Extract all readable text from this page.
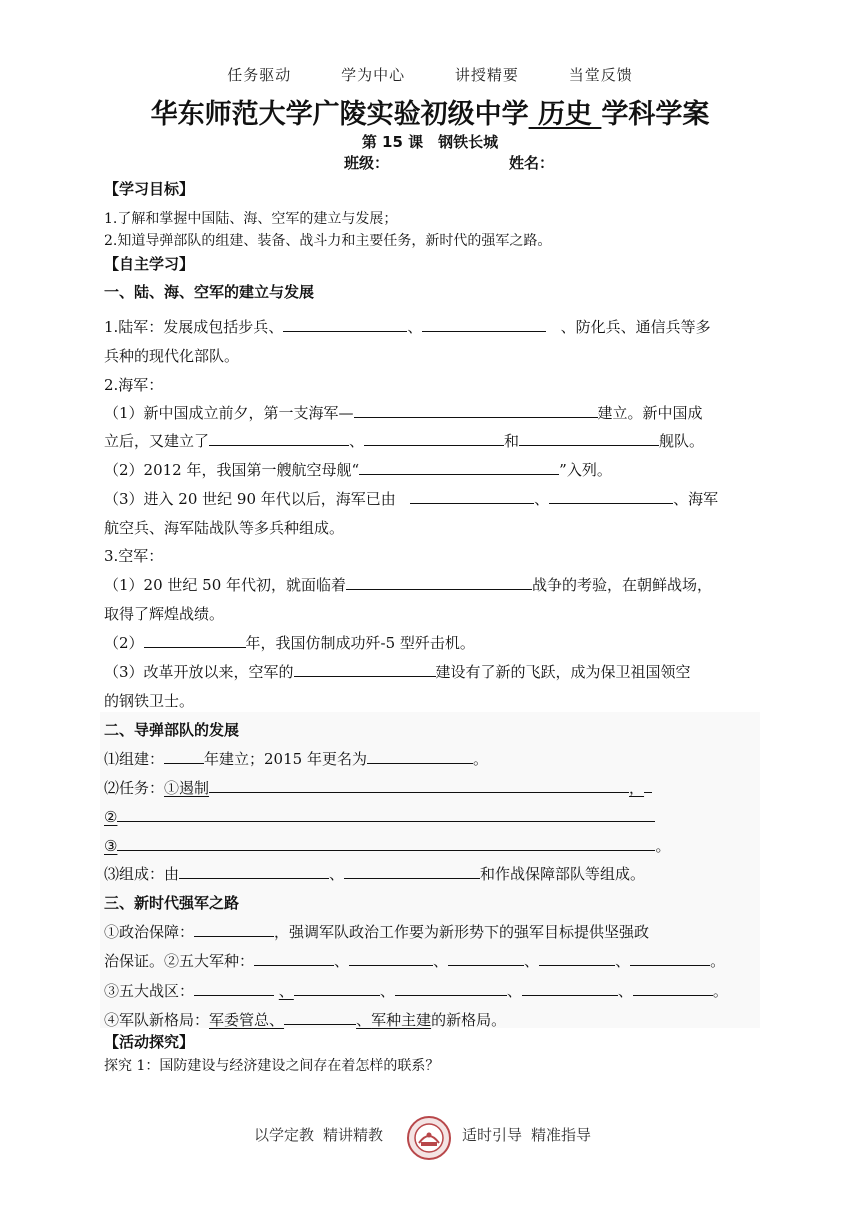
任务驱动	学为中心	讲授精要	当堂反馈
华东师范大学广陵实验初级中学 历史 学科学案
第 15 课　钢铁长城
班级：	姓名：
【学习目标】
1.了解和掌握中国陆、海、空军的建立与发展；
2.知道导弹部队的组建、装备、战斗力和主要任务，新时代的强军之路。
【自主学习】
一、陆、海、空军的建立与发展
1.陆军：发展成包括步兵、	、	、防化兵、通信兵等多
兵种的现代化部队。
2.海军：
（1）新中国成立前夕，第一支海军—	建立。新中国成
立后，又建立了	、	和	舰队。
（2）2012 年，我国第一艘航空母舰“	”入列。
（3）进入 20 世纪 90 年代以后，海军已由	、	、海军
航空兵、海军陆战队等多兵种组成。
3.空军：
（1）20 世纪 50 年代初，就面临着	战争的考验，在朝鲜战场，
取得了辉煌战绩。
（2）	年，我国仿制成功歼-5 型歼击机。
（3）改革开放以来，空军的	建设有了新的飞跃，成为保卫祖国领空
的钢铁卫士。
二、导弹部队的发展
⑴组建：	年建立；2015 年更名为	。
⑵任务：①遏制	，
②
③	。
⑶组成：由	、	和作战保障部队等组成。
三、新时代强军之路
①政治保障：	，强调军队政治工作要为新形势下的强军目标提供坚强政
治保证。②五大军种：	、	、	、	、	。
③五大战区：	、	、	、	、	。
④军队新格局：军委管总、	、军种主建的新格局。
【活动探究】
探究 1：国防建设与经济建设之间存在着怎样的联系？
以学定教 精讲精教	适时引导 精准指导
